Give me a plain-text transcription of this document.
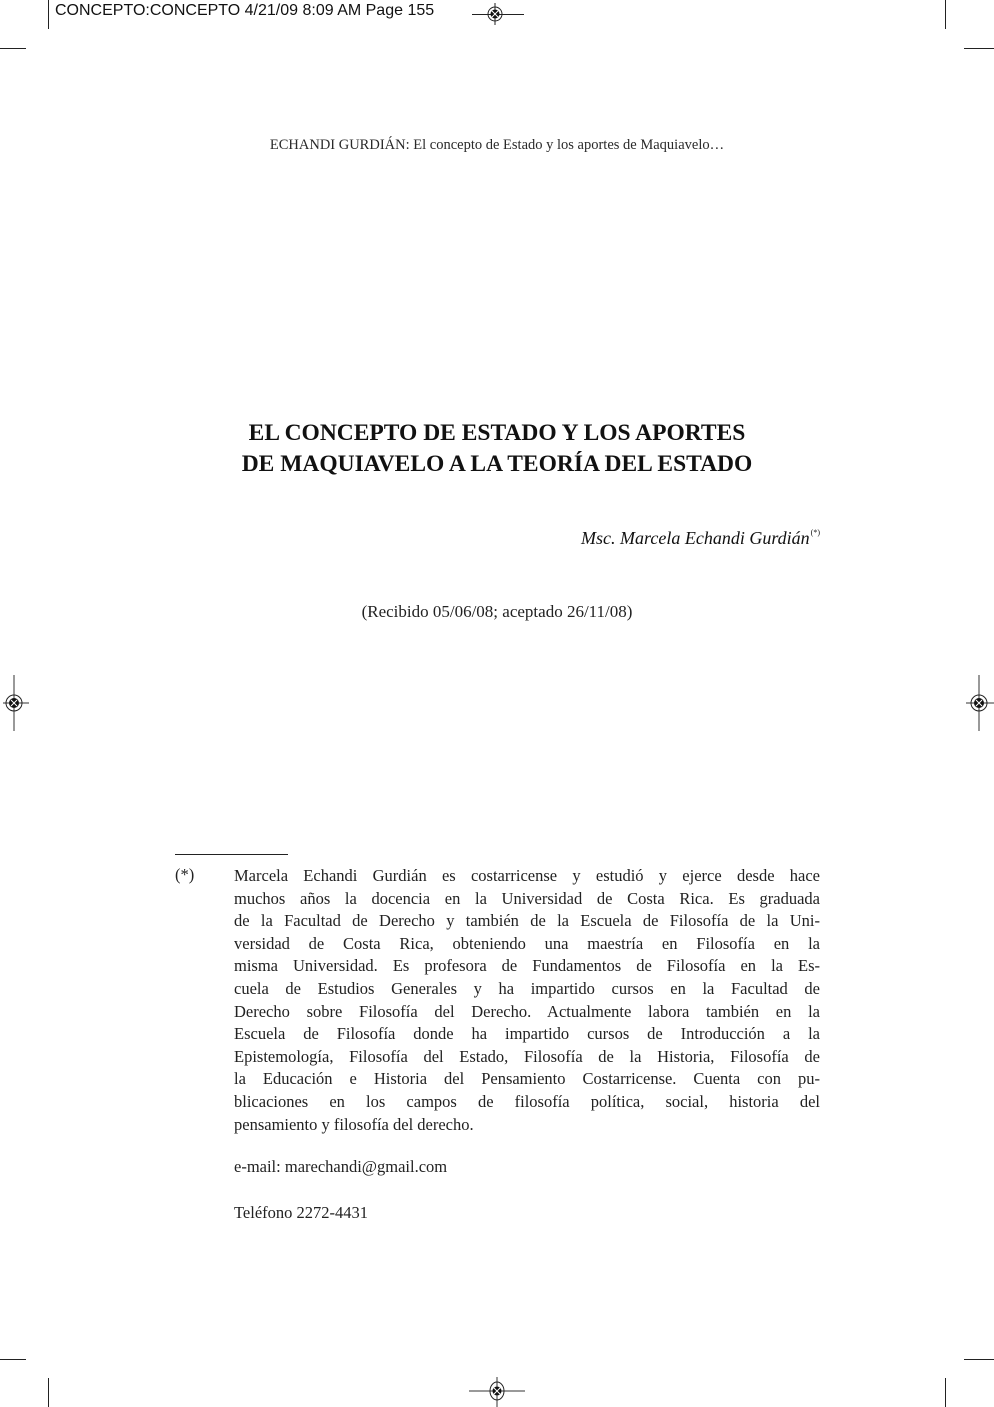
CONCEPTO:CONCEPTO 4/21/09 8:09 AM Page 155
ECHANDI GURDIÁN: El concepto de Estado y los aportes de Maquiavelo…
EL CONCEPTO DE ESTADO Y LOS APORTES
DE MAQUIAVELO A LA TEORÍA DEL ESTADO
Msc. Marcela Echandi Gurdián(*)
(Recibido 05/06/08; aceptado 26/11/08)
(*) Marcela Echandi Gurdián es costarricense y estudió y ejerce desde hace

muchos años la docencia en la Universidad de Costa Rica. Es graduada

de la Facultad de Derecho y también de la Escuela de Filosofía de la Uni-

versidad de Costa Rica, obteniendo una maestría en Filosofía en la

misma Universidad. Es profesora de Fundamentos de Filosofía en la Es-

cuela de Estudios Generales y ha impartido cursos en la Facultad de

Derecho sobre Filosofía del Derecho. Actualmente labora también en la

Escuela de Filosofía donde ha impartido cursos de Introducción a la

Epistemología, Filosofía del Estado, Filosofía de la Historia, Filosofía de

la Educación e Historia del Pensamiento Costarricense. Cuenta con pu-

blicaciones en los campos de filosofía política, social, historia del

pensamiento y filosofía del derecho.

e-mail: marechandi@gmail.com
Teléfono 2272-4431
